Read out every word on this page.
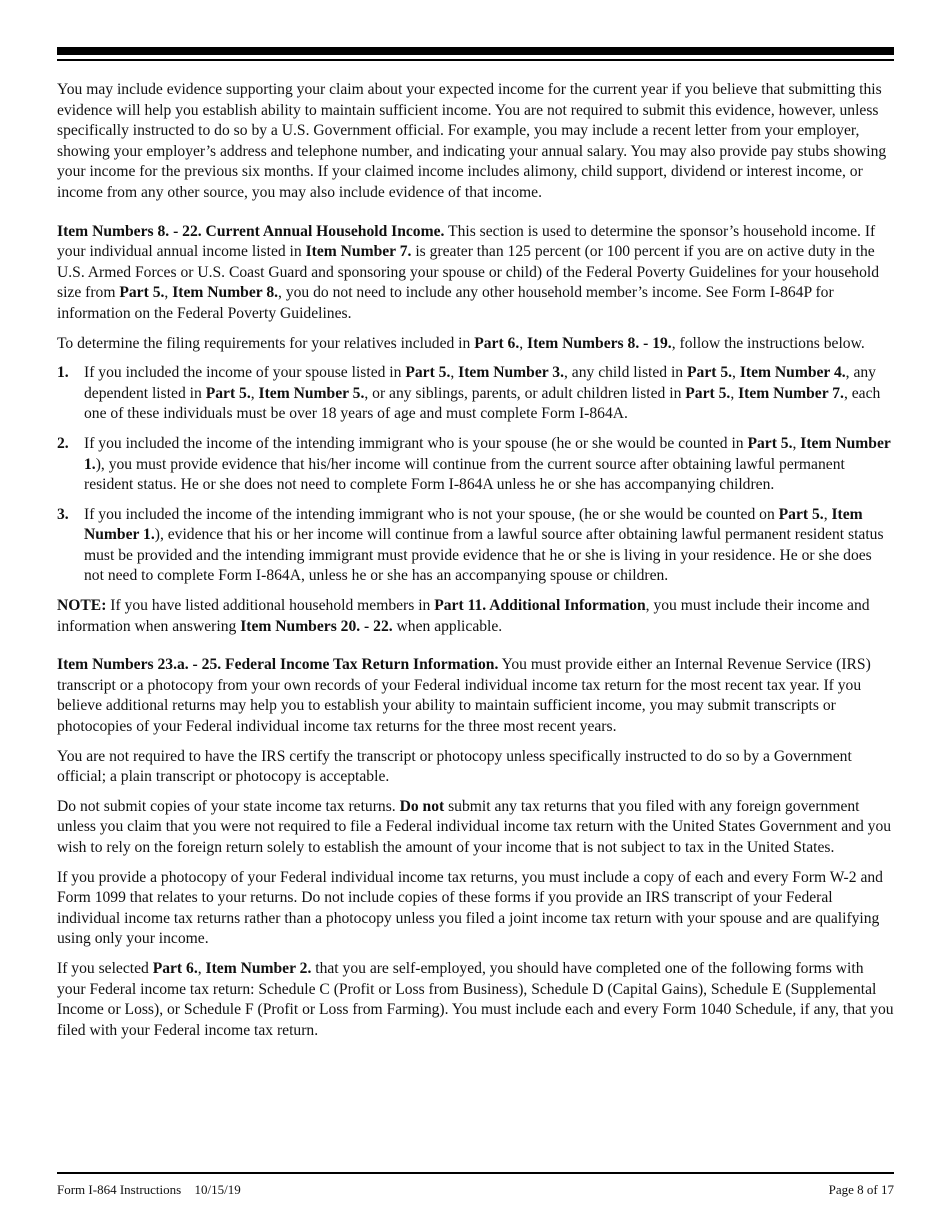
You may include evidence supporting your claim about your expected income for the current year if you believe that submitting this evidence will help you establish ability to maintain sufficient income. You are not required to submit this evidence, however, unless specifically instructed to do so by a U.S. Government official. For example, you may include a recent letter from your employer, showing your employer’s address and telephone number, and indicating your annual salary. You may also provide pay stubs showing your income for the previous six months. If your claimed income includes alimony, child support, dividend or interest income, or income from any other source, you may also include evidence of that income.

Item Numbers 8. - 22. Current Annual Household Income. This section is used to determine the sponsor’s household income. If your individual annual income listed in Item Number 7. is greater than 125 percent (or 100 percent if you are on active duty in the U.S. Armed Forces or U.S. Coast Guard and sponsoring your spouse or child) of the Federal Poverty Guidelines for your household size from Part 5., Item Number 8., you do not need to include any other household member’s income. See Form I-864P for information on the Federal Poverty Guidelines.

To determine the filing requirements for your relatives included in Part 6., Item Numbers 8. - 19., follow the instructions below.

1. If you included the income of your spouse listed in Part 5., Item Number 3., any child listed in Part 5., Item Number 4., any dependent listed in Part 5., Item Number 5., or any siblings, parents, or adult children listed in Part 5., Item Number 7., each one of these individuals must be over 18 years of age and must complete Form I-864A.
2. If you included the income of the intending immigrant who is your spouse (he or she would be counted in Part 5., Item Number 1.), you must provide evidence that his/her income will continue from the current source after obtaining lawful permanent resident status. He or she does not need to complete Form I-864A unless he or she has accompanying children.
3. If you included the income of the intending immigrant who is not your spouse, (he or she would be counted on Part 5., Item Number 1.), evidence that his or her income will continue from a lawful source after obtaining lawful permanent resident status must be provided and the intending immigrant must provide evidence that he or she is living in your residence. He or she does not need to complete Form I-864A, unless he or she has an accompanying spouse or children.

NOTE: If you have listed additional household members in Part 11. Additional Information, you must include their income and information when answering Item Numbers 20. - 22. when applicable.

Item Numbers 23.a. - 25. Federal Income Tax Return Information. You must provide either an Internal Revenue Service (IRS) transcript or a photocopy from your own records of your Federal individual income tax return for the most recent tax year. If you believe additional returns may help you to establish your ability to maintain sufficient income, you may submit transcripts or photocopies of your Federal individual income tax returns for the three most recent years.

You are not required to have the IRS certify the transcript or photocopy unless specifically instructed to do so by a Government official; a plain transcript or photocopy is acceptable.

Do not submit copies of your state income tax returns. Do not submit any tax returns that you filed with any foreign government unless you claim that you were not required to file a Federal individual income tax return with the United States Government and you wish to rely on the foreign return solely to establish the amount of your income that is not subject to tax in the United States.

If you provide a photocopy of your Federal individual income tax returns, you must include a copy of each and every Form W-2 and Form 1099 that relates to your returns. Do not include copies of these forms if you provide an IRS transcript of your Federal individual income tax returns rather than a photocopy unless you filed a joint income tax return with your spouse and are qualifying using only your income.

If you selected Part 6., Item Number 2. that you are self-employed, you should have completed one of the following forms with your Federal income tax return: Schedule C (Profit or Loss from Business), Schedule D (Capital Gains), Schedule E (Supplemental Income or Loss), or Schedule F (Profit or Loss from Farming). You must include each and every Form 1040 Schedule, if any, that you filed with your Federal income tax return.

Form I-864 Instructions 10/15/19	Page 8 of 17
